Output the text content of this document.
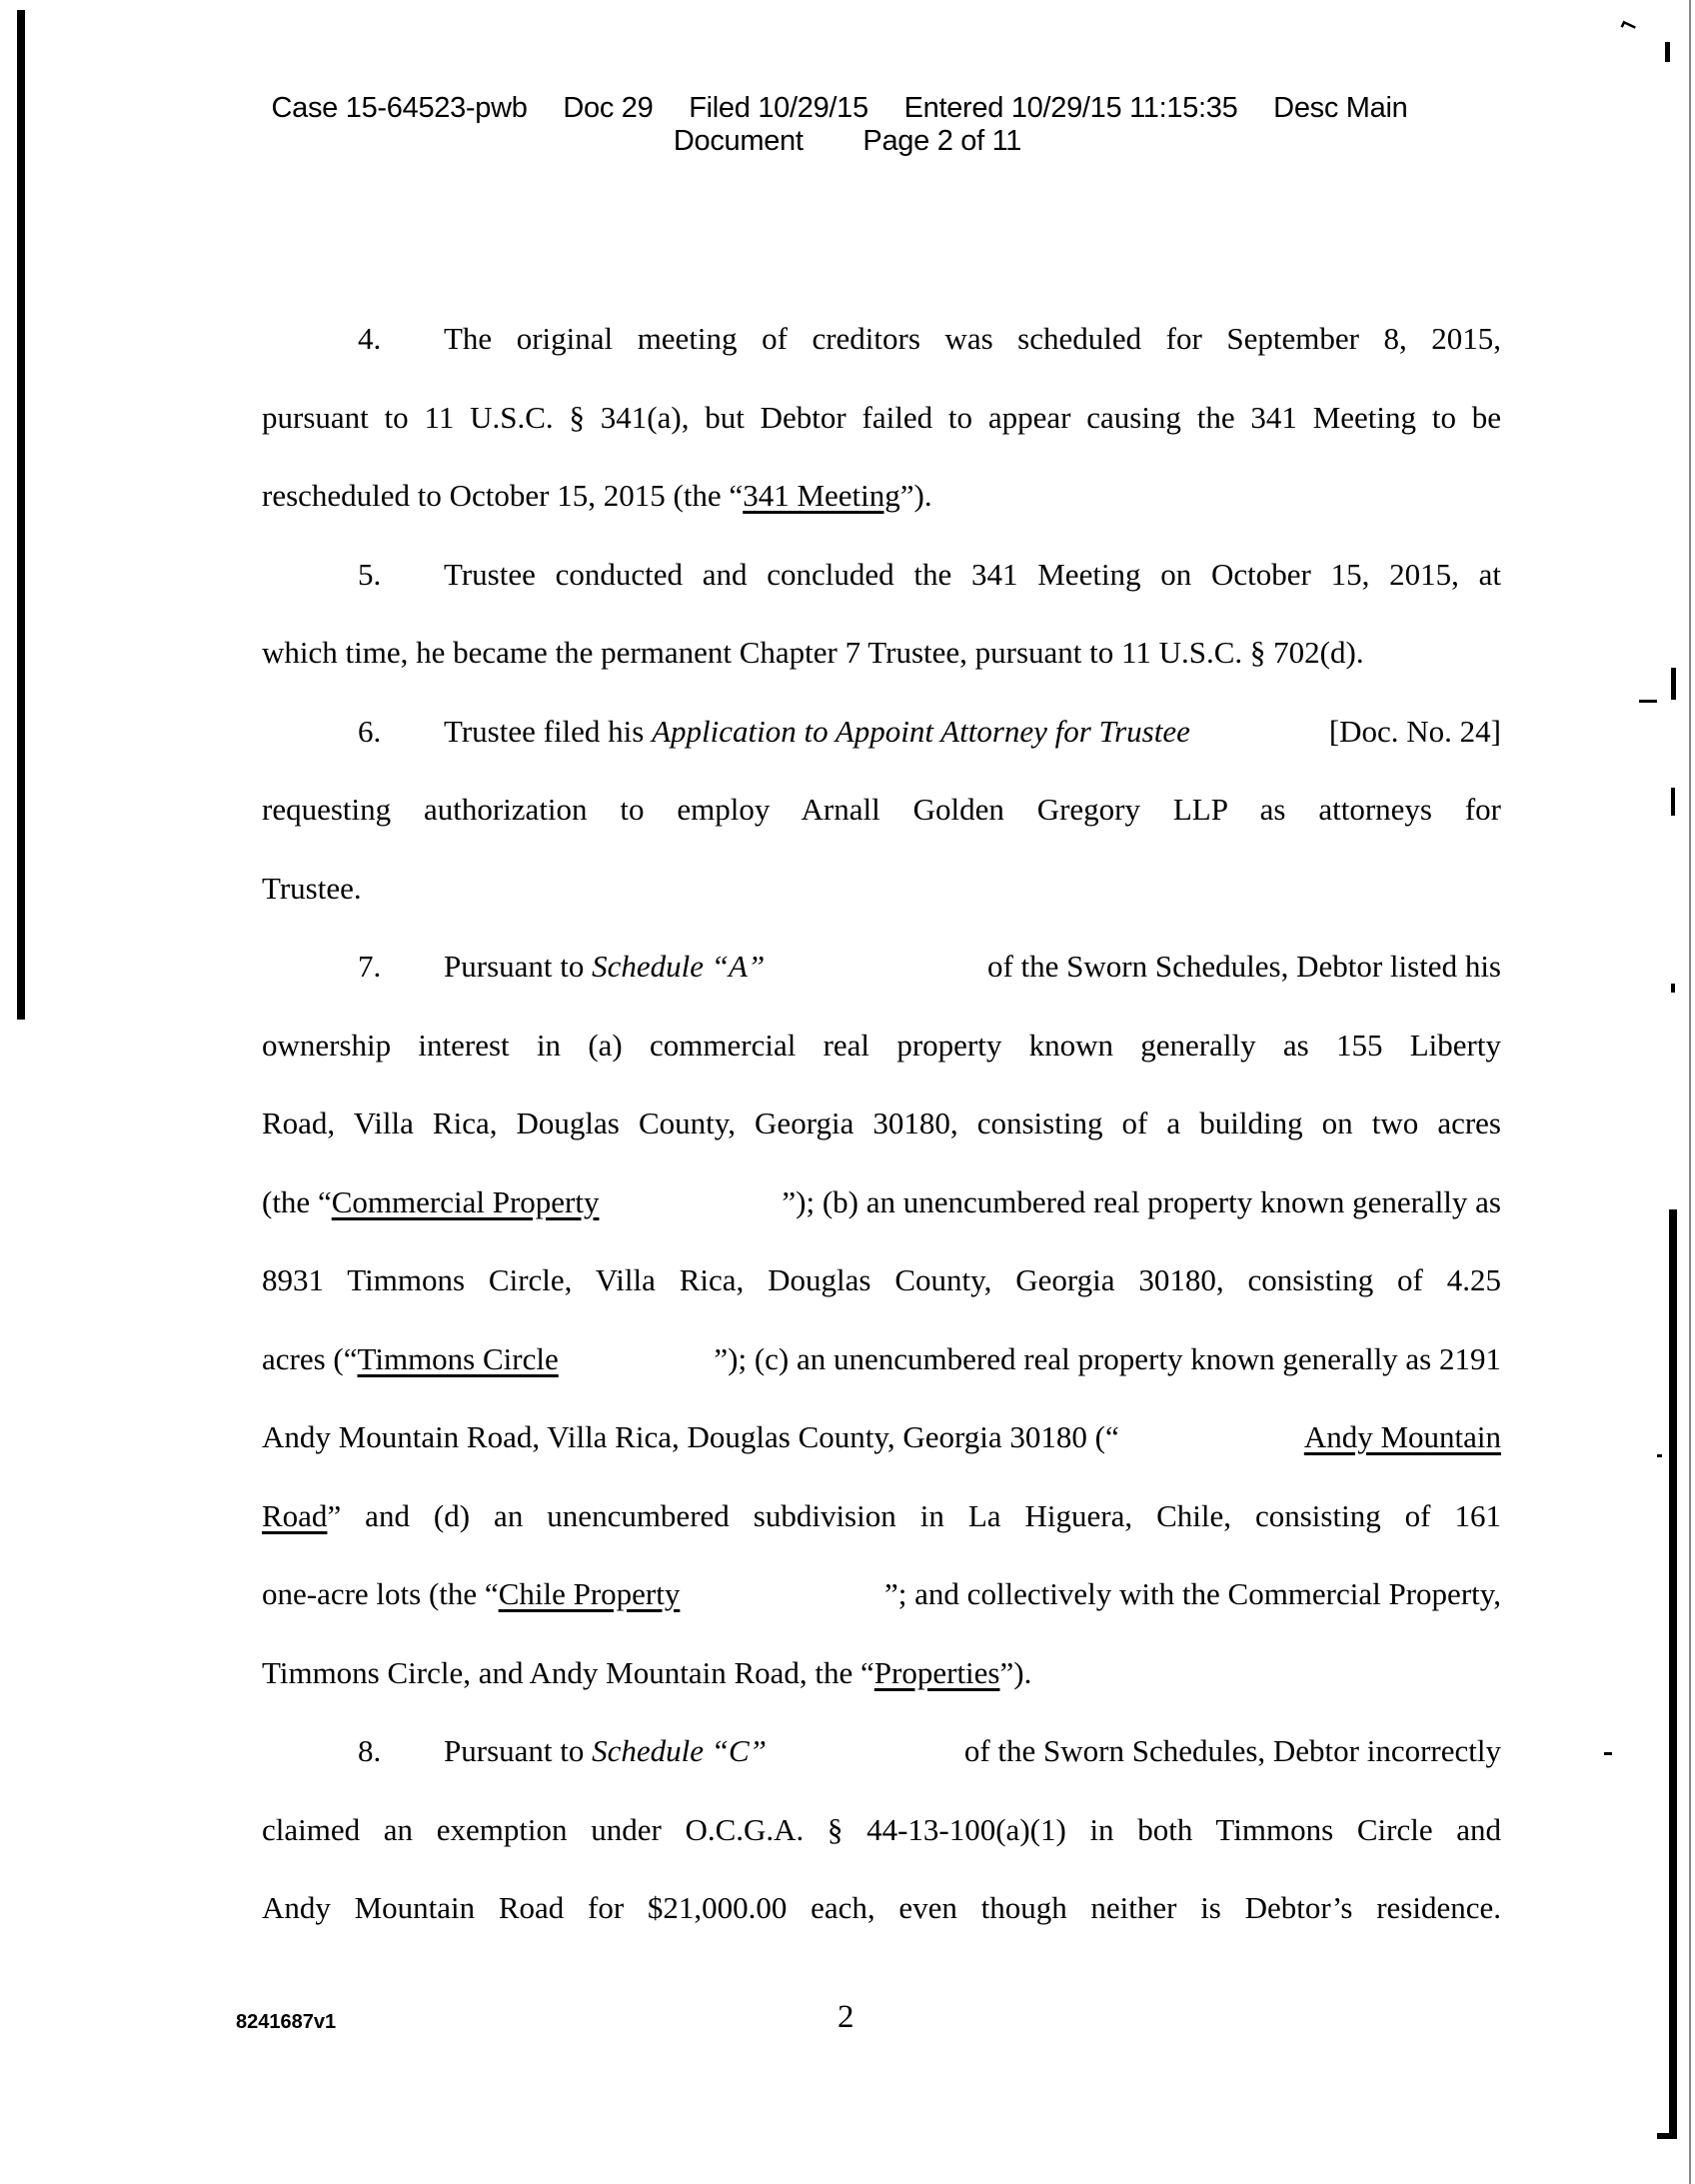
⌐
Case 15-64523-pwb Doc 29 Filed 10/29/15 Entered 10/29/15 11:15:35 Desc Main
Document Page 2 of 11
4.	The original meeting of creditors was scheduled for September 8, 2015,
pursuant to 11 U.S.C. § 341(a), but Debtor failed to appear causing the 341 Meeting to be
rescheduled to October 15, 2015 (the “ 341 Meeting ”).
5.	Trustee conducted and concluded the 341 Meeting on October 15, 2015, at
which time, he became the permanent Chapter 7 Trustee, pursuant to 11 U.S.C. § 702(d).
6.	Trustee filed his Application to Appoint Attorney for Trustee	[Doc. No. 24]
requesting authorization to employ Arnall Golden Gregory LLP as attorneys for
Trustee.
7.	Pursuant to Schedule “A”	of the Sworn Schedules, Debtor listed his
ownership interest in (a) commercial real property known generally as 155 Liberty
Road, Villa Rica, Douglas County, Georgia 30180, consisting of a building on two acres
(the “Commercial Property	”); (b) an unencumbered real property known generally as
8931 Timmons Circle, Villa Rica, Douglas County, Georgia 30180, consisting of 4.25
acres (“Timmons Circle	”); (c) an unencumbered real property known generally as 2191
Andy Mountain Road, Villa Rica, Douglas County, Georgia 30180 (“	Andy Mountain
Road ” and (d) an unencumbered subdivision in La Higuera, Chile, consisting of 161
one-acre lots (the “Chile Property	”; and collectively with the Commercial Property,
Timmons Circle, and Andy Mountain Road, the “ Properties ”).
8.	Pursuant to Schedule “C”	of the Sworn Schedules, Debtor incorrectly
claimed an exemption under O.C.G.A. § 44-13-100(a)(1) in both Timmons Circle and
Andy Mountain Road for $21,000.00 each, even though neither is Debtor’s residence.
8241687v1	2
